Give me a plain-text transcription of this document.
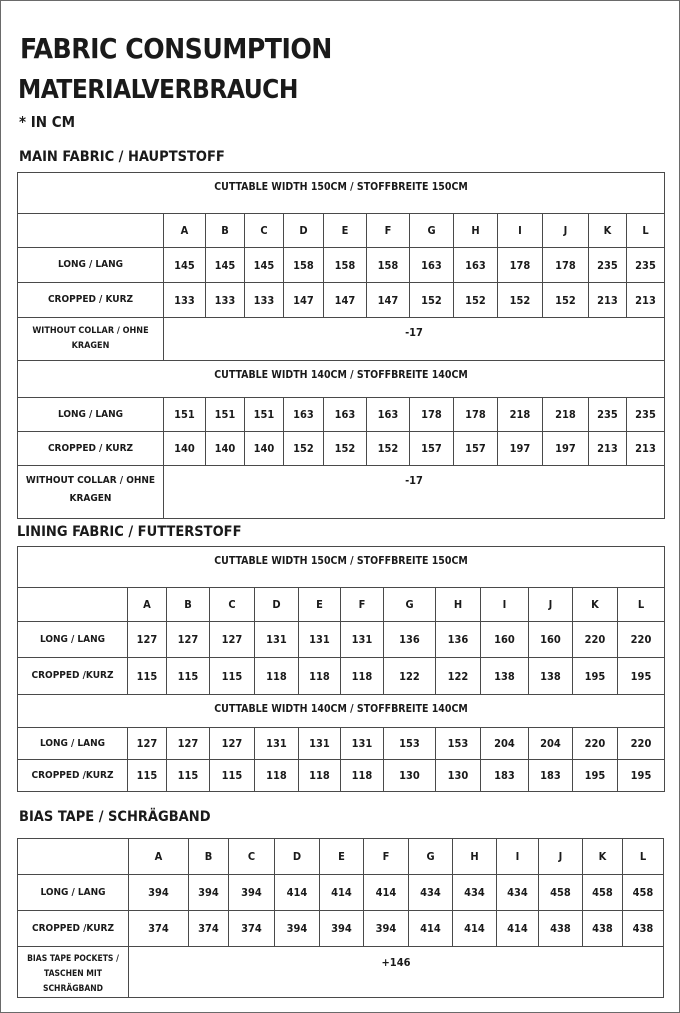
FABRIC CONSUMPTION
MATERIALVERBRAUCH
* IN CM
MAIN FABRIC / HAUPTSTOFF
CUTTABLE WIDTH 150CM / STOFFBREITE 150CM												
	A	B	C	D	E	F	G	H	I	J	K	L
LONG / LANG	145	145	145	158	158	158	163	163	178	178	235	235
CROPPED / KURZ	133	133	133	147	147	147	152	152	152	152	213	213
WITHOUT COLLAR / OHNE KRAGEN	-17											
CUTTABLE WIDTH 140CM / STOFFBREITE 140CM												
LONG / LANG	151	151	151	163	163	163	178	178	218	218	235	235
CROPPED / KURZ	140	140	140	152	152	152	157	157	197	197	213	213
WITHOUT COLLAR / OHNE KRAGEN	-17											
LINING FABRIC / FUTTERSTOFF
CUTTABLE WIDTH 150CM / STOFFBREITE 150CM												
	A	B	C	D	E	F	G	H	I	J	K	L
LONG / LANG	127	127	127	131	131	131	136	136	160	160	220	220
CROPPED /KURZ	115	115	115	118	118	118	122	122	138	138	195	195
CUTTABLE WIDTH 140CM / STOFFBREITE 140CM												
LONG / LANG	127	127	127	131	131	131	153	153	204	204	220	220
CROPPED /KURZ	115	115	115	118	118	118	130	130	183	183	195	195
BIAS TAPE / SCHRÄGBAND
	A	B	C	D	E	F	G	H	I	J	K	L
LONG / LANG	394	394	394	414	414	414	434	434	434	458	458	458
CROPPED /KURZ	374	374	374	394	394	394	414	414	414	438	438	438
BIAS TAPE POCKETS / TASCHEN MIT SCHRÄGBAND	+146											
